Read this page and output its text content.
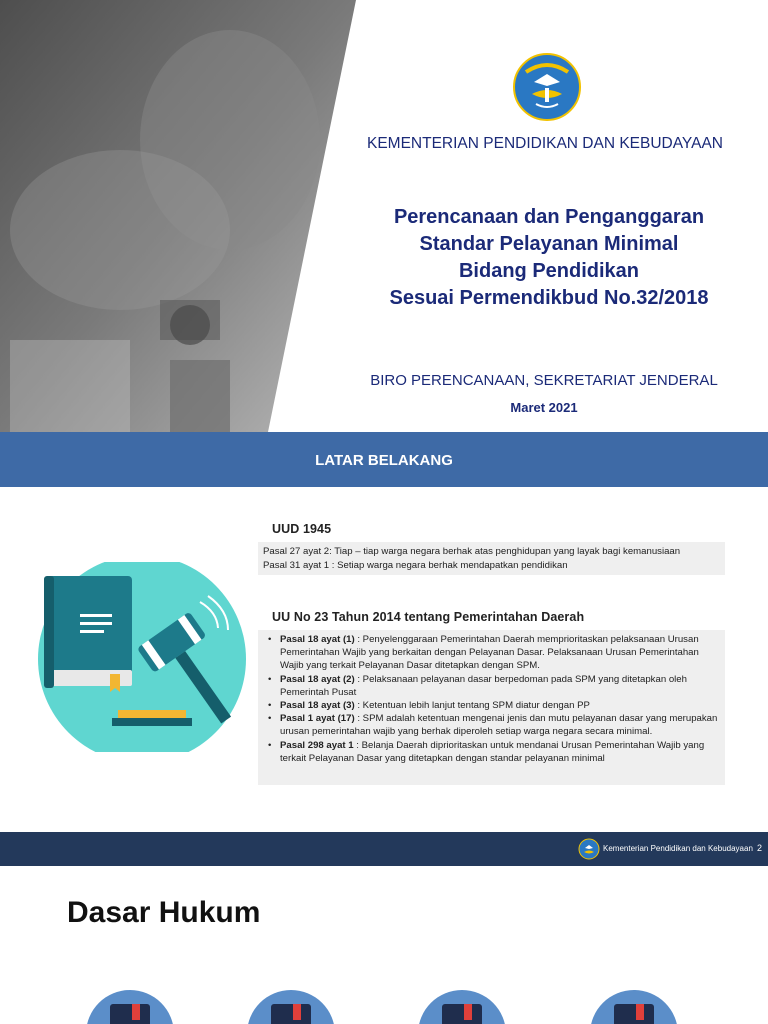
KEMENTERIAN PENDIDIKAN DAN KEBUDAYAAN
Perencanaan dan Penganggaran
Standar Pelayanan Minimal
Bidang Pendidikan
Sesuai Permendikbud No.32/2018
BIRO PERENCANAAN, SEKRETARIAT JENDERAL
Maret 2021
LATAR BELAKANG
UUD 1945
Pasal 27 ayat 2: Tiap – tiap warga negara berhak atas penghidupan yang layak bagi kemanusiaan
Pasal 31 ayat 1 : Setiap warga negara berhak mendapatkan pendidikan
UU No 23 Tahun 2014 tentang Pemerintahan Daerah
• Pasal 18 ayat (1) : Penyelenggaraan Pemerintahan Daerah memprioritaskan pelaksanaan Urusan Pemerintahan Wajib yang berkaitan dengan Pelayanan Dasar. Pelaksanaan Urusan Pemerintahan Wajib yang terkait Pelayanan Dasar ditetapkan dengan SPM.
• Pasal 18 ayat (2) : Pelaksanaan pelayanan dasar berpedoman pada SPM yang ditetapkan oleh Pemerintah Pusat
• Pasal 18 ayat (3) : Ketentuan lebih lanjut tentang SPM diatur dengan PP
• Pasal 1 ayat (17) : SPM adalah ketentuan mengenai jenis dan mutu pelayanan dasar yang merupakan urusan pemerintahan wajib yang berhak diperoleh setiap warga negara secara minimal.
• Pasal 298 ayat 1 : Belanja Daerah diprioritaskan untuk mendanai Urusan Pemerintahan Wajib yang terkait Pelayanan Dasar yang ditetapkan dengan standar pelayanan minimal
Kementerian Pendidikan dan Kebudayaan 2
Dasar Hukum
